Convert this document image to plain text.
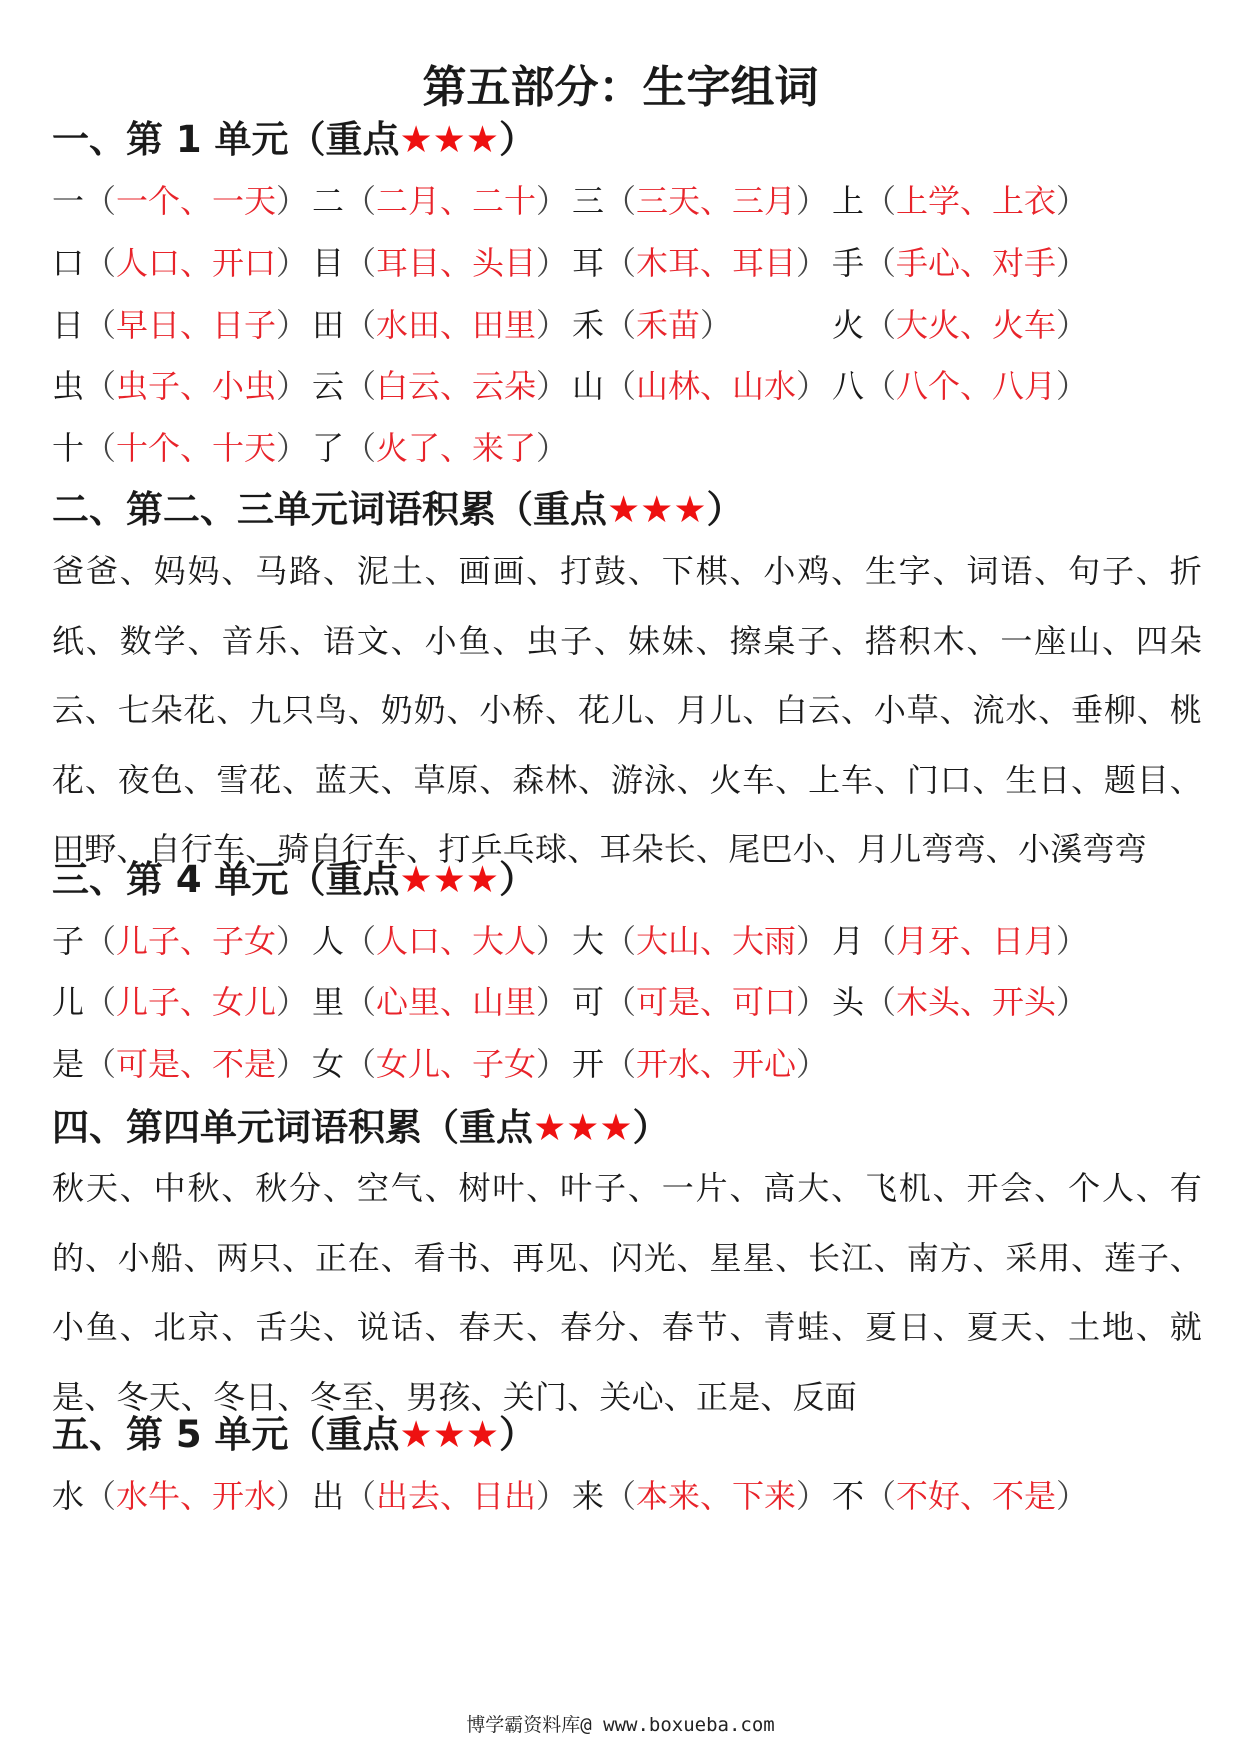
第五部分：生字组词
一、第 1 单元（重点★★★）
一（一个、一天） 二（二月、二十） 三（三天、三月） 上（上学、上衣）
口（人口、开口） 目（耳目、头目） 耳（木耳、耳目） 手（手心、对手）
日（早日、日子） 田（水田、田里） 禾（禾苗）	火（大火、火车）
虫（虫子、小虫） 云（白云、云朵） 山（山林、山水） 八（八个、八月）
十（十个、十天） 了（火了、来了）
二、第二、三单元词语积累（重点★★★）
爸爸、妈妈、马路、泥土、画画、打鼓、下棋、小鸡、生字、词语、句子、折纸、数学、音乐、语文、小鱼、虫子、妹妹、擦桌子、搭积木、一座山、四朵云、七朵花、九只鸟、奶奶、小桥、花儿、月儿、白云、小草、流水、垂柳、桃花、夜色、雪花、蓝天、草原、森林、游泳、火车、上车、门口、生日、题目、田野、自行车、骑自行车、打乒乓球、耳朵长、尾巴小、月儿弯弯、小溪弯弯
三、第 4 单元（重点★★★）
子（儿子、子女） 人（人口、大人） 大（大山、大雨） 月（月牙、日月）
儿（儿子、女儿） 里（心里、山里） 可（可是、可口） 头（木头、开头）
是（可是、不是） 女（女儿、子女） 开（开水、开心）
四、第四单元词语积累（重点★★★）
秋天、中秋、秋分、空气、树叶、叶子、一片、高大、飞机、开会、个人、有的、小船、两只、正在、看书、再见、闪光、星星、长江、南方、采用、莲子、小鱼、北京、舌尖、说话、春天、春分、春节、青蛙、夏日、夏天、土地、就是、冬天、冬日、冬至、男孩、关门、关心、正是、反面
五、第 5 单元（重点★★★）
水（水牛、开水） 出（出去、日出） 来（本来、下来） 不（不好、不是）
博学霸资料库@ www.boxueba.com
